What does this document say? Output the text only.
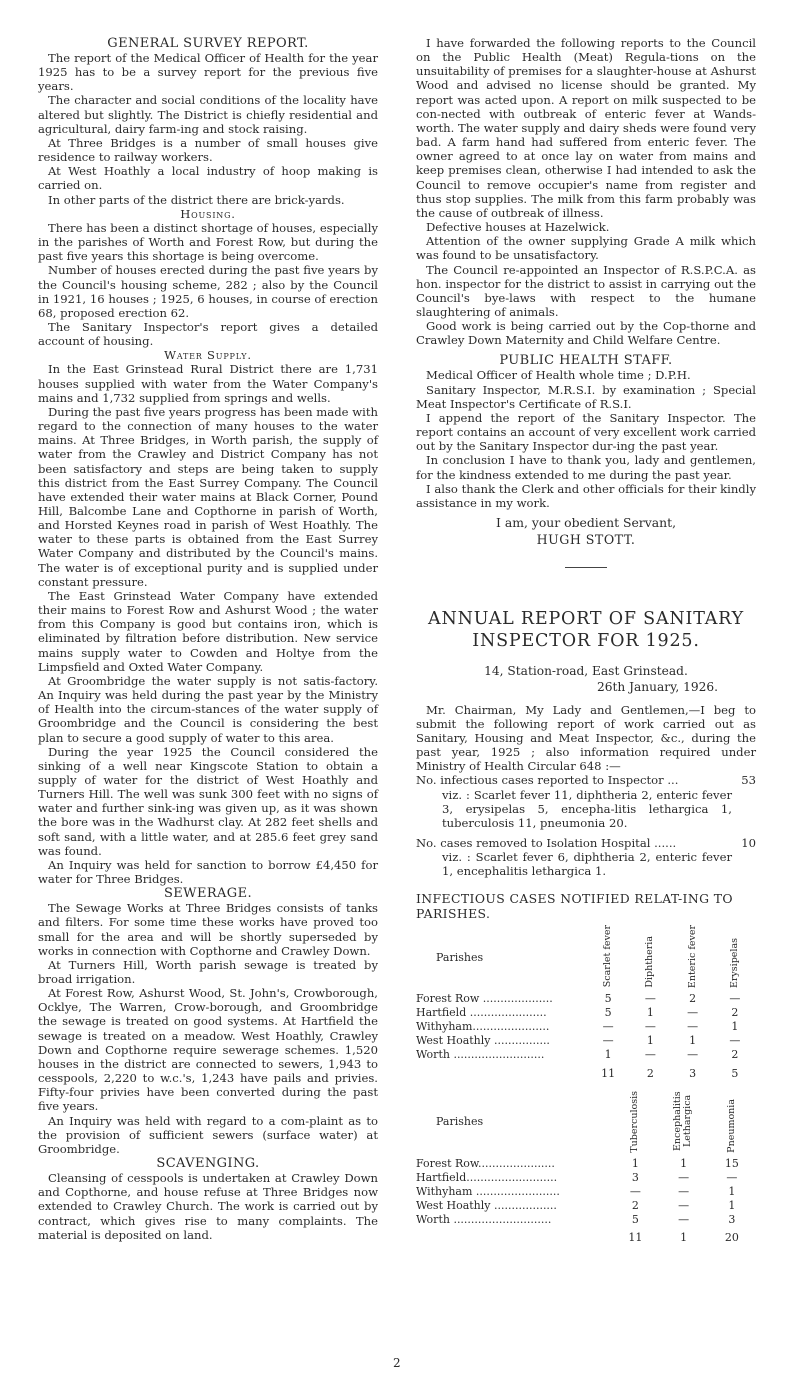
GENERAL SURVEY REPORT.

The report of the Medical Officer of Health for the year 1925 has to be a survey report for the previous five years.

The character and social conditions of the locality have altered but slightly. The District is chiefly residential and agricultural, dairy farm-ing and stock raising.

At Three Bridges is a number of small houses give residence to railway workers.

At West Hoathly a local industry of hoop making is carried on.

In other parts of the district there are brick-yards.

Housing.

There has been a distinct shortage of houses, especially in the parishes of Worth and Forest Row, but during the past five years this shortage is being overcome.

Number of houses erected during the past five years by the Council's housing scheme, 282 ; also by the Council in 1921, 16 houses ; 1925, 6 houses, in course of erection 68, proposed erection 62.

The Sanitary Inspector's report gives a detailed account of housing.

Water Supply.

In the East Grinstead Rural District there are 1,731 houses supplied with water from the Water Company's mains and 1,732 supplied from springs and wells.

During the past five years progress has been made with regard to the connection of many houses to the water mains. At Three Bridges, in Worth parish, the supply of water from the Crawley and District Company has not been satisfactory and steps are being taken to supply this district from the East Surrey Company. The Council have extended their water mains at Black Corner, Pound Hill, Balcombe Lane and Copthorne in parish of Worth, and Horsted Keynes road in parish of West Hoathly. The water to these parts is obtained from the East Surrey Water Company and distributed by the Council's mains. The water is of exceptional purity and is supplied under constant pressure.

The East Grinstead Water Company have extended their mains to Forest Row and Ashurst Wood ; the water from this Company is good but contains iron, which is eliminated by filtration before distribution. New service mains supply water to Cowden and Holtye from the Limpsfield and Oxted Water Company.

At Groombridge the water supply is not satis-factory. An Inquiry was held during the past year by the Ministry of Health into the circum-stances of the water supply of Groombridge and the Council is considering the best plan to secure a good supply of water to this area.

During the year 1925 the Council considered the sinking of a well near Kingscote Station to obtain a supply of water for the district of West Hoathly and Turners Hill. The well was sunk 300 feet with no signs of water and further sink-ing was given up, as it was shown the bore was in the Wadhurst clay. At 282 feet shells and soft sand, with a little water, and at 285.6 feet grey sand was found.

An Inquiry was held for sanction to borrow £4,450 for water for Three Bridges.

SEWERAGE.

The Sewage Works at Three Bridges consists of tanks and filters. For some time these works have proved too small for the area and will be shortly superseded by works in connection with Copthorne and Crawley Down.

At Turners Hill, Worth parish sewage is treated by broad irrigation.

At Forest Row, Ashurst Wood, St. John's, Crowborough, Ocklye, The Warren, Crow-borough, and Groombridge the sewage is treated on good systems. At Hartfield the sewage is treated on a meadow. West Hoathly, Crawley Down and Copthorne require sewerage schemes. 1,520 houses in the district are connected to sewers, 1,943 to cesspools, 2,220 to w.c.'s, 1,243 have pails and privies. Fifty-four privies have been converted during the past five years.

An Inquiry was held with regard to a com-plaint as to the provision of sufficient sewers (surface water) at Groombridge.

SCAVENGING.

Cleansing of cesspools is undertaken at Crawley Down and Copthorne, and house refuse at Three Bridges now extended to Crawley Church. The work is carried out by contract, which gives rise to many complaints. The material is deposited on land.

I have forwarded the following reports to the Council on the Public Health (Meat) Regula-tions on the unsuitability of premises for a slaughter-house at Ashurst Wood and advised no license should be granted. My report was acted upon. A report on milk suspected to be con-nected with outbreak of enteric fever at Wands-worth. The water supply and dairy sheds were found very bad. A farm hand had suffered from enteric fever. The owner agreed to at once lay on water from mains and keep premises clean, otherwise I had intended to ask the Council to remove occupier's name from register and thus stop supplies. The milk from this farm probably was the cause of outbreak of illness.

Defective houses at Hazelwick.

Attention of the owner supplying Grade A milk which was found to be unsatisfactory.

The Council re-appointed an Inspector of R.S.P.C.A. as hon. inspector for the district to assist in carrying out the Council's bye-laws with respect to the humane slaughtering of animals.

Good work is being carried out by the Cop-thorne and Crawley Down Maternity and Child Welfare Centre.

PUBLIC HEALTH STAFF.

Medical Officer of Health whole time ; D.P.H.

Sanitary Inspector, M.R.S.I. by examination ; Special Meat Inspector's Certificate of R.S.I.

I append the report of the Sanitary Inspector. The report contains an account of very excellent work carried out by the Sanitary Inspector dur-ing the past year.

In conclusion I have to thank you, lady and gentlemen, for the kindness extended to me during the past year.

I also thank the Clerk and other officials for their kindly assistance in my work.

I am, your obedient Servant,

HUGH STOTT.

ANNUAL REPORT OF SANITARY

INSPECTOR FOR 1925.

14, Station-road, East Grinstead.

26th January, 1926.

Mr. Chairman, My Lady and Gentlemen,—I beg to submit the following report of work carried out as Sanitary, Housing and Meat Inspector, &c., during the past year, 1925 ; also information required under Ministry of Health Circular 648 :—

No. infectious cases reported to Inspector ...	53

viz. : Scarlet fever 11, diphtheria 2, enteric fever 3, erysipelas 5, encepha-litis lethargica 1, tuberculosis 11, pneumonia 20.

No. cases removed to Isolation Hospital ......	10

viz. : Scarlet fever 6, diphtheria 2, enteric fever 1, encephalitis lethargica 1.

INFECTIOUS CASES NOTIFIED RELAT-ING TO PARISHES.

Parishes	Scarlet fever	Diphtheria	Enteric fever	Erysipelas
Forest Row ....................	5	—	2	—
Hartfield ......................	5	1	—	2
Withyham......................	—	—	—	1
West Hoathly ................	—	1	1	—
Worth ..........................	1	—	—	2
	11	2	3	5
Parishes	Tuberculosis	Encephalitis Lethargica	Pneumonia
Forest Row......................	1	1	15
Hartfield..........................	3	—	—
Withyham ........................	—	—	1
West Hoathly ..................	2	—	1
Worth ............................	5	—	3
	11	1	20
2
